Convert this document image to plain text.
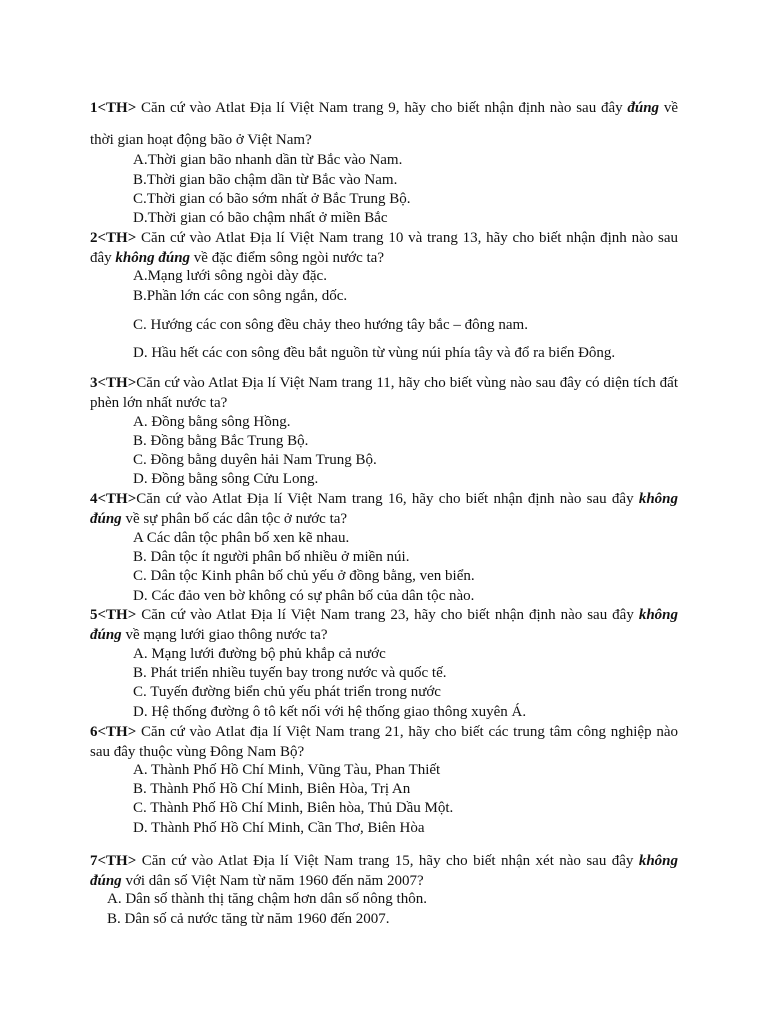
1<TH> Căn cứ vào Atlat Địa lí Việt Nam trang 9, hãy cho biết nhận định nào sau đây đúng về thời gian hoạt động bão ở Việt Nam?

A.Thời gian bão nhanh dần từ Bắc vào Nam.
B.Thời gian bão chậm dần từ Bắc vào Nam.
C.Thời gian có bão sớm nhất ở Bắc Trung Bộ.
D.Thời gian có bão chậm nhất ở miền Bắc

2<TH> Căn cứ vào Atlat Địa lí Việt Nam trang 10 và trang 13, hãy cho biết nhận định nào sau đây không đúng về đặc điểm sông ngòi nước ta?

A.Mạng lưới sông ngòi dày đặc.
B.Phần lớn các con sông ngắn, dốc.
C. Hướng các con sông đều chảy theo hướng tây bắc – đông nam.
D. Hầu hết các con sông đều bắt nguồn từ vùng núi phía tây và đổ ra biển Đông.

3<TH>Căn cứ vào Atlat Địa lí Việt Nam trang 11, hãy cho biết vùng nào sau đây có diện tích đất phèn lớn nhất nước ta?

A. Đồng bằng sông Hồng.
B. Đồng bằng Bắc Trung Bộ.
C. Đồng bằng duyên hải Nam Trung Bộ.
D. Đồng bằng sông Cửu Long.

4<TH>Căn cứ vào Atlat Địa lí Việt Nam trang 16, hãy cho biết nhận định nào sau đây không đúng về sự phân bố các dân tộc ở nước ta?

A Các dân tộc phân bố xen kẽ nhau.
B. Dân tộc ít người phân bố nhiều ở miền núi.
C. Dân tộc Kinh phân bố chủ yếu ở đồng bằng, ven biển.
D. Các đảo ven bờ không có sự phân bố của dân tộc nào.

5<TH> Căn cứ vào Atlat Địa lí Việt Nam trang 23, hãy cho biết nhận định nào sau đây không đúng về mạng lưới giao thông nước ta?

A. Mạng lưới đường bộ phủ khắp cả nước
B. Phát triển nhiều tuyến bay trong nước và quốc tế.
C. Tuyến đường biển chủ yếu phát triển trong nước
D. Hệ thống đường ô tô kết nối với hệ thống giao thông xuyên Á.

6<TH> Căn cứ vào Atlat địa lí Việt Nam trang 21, hãy cho biết các trung tâm công nghiệp nào sau đây thuộc vùng Đông Nam Bộ?

A. Thành Phố Hồ Chí Minh, Vũng Tàu, Phan Thiết
B. Thành Phố Hồ Chí Minh, Biên Hòa, Trị An
C. Thành Phố Hồ Chí Minh, Biên hòa, Thủ Dầu Một.
D. Thành Phố Hồ Chí Minh, Cần Thơ, Biên Hòa

7<TH> Căn cứ vào Atlat Địa lí Việt Nam trang 15, hãy cho biết nhận xét nào sau đây không đúng với dân số Việt Nam từ năm 1960 đến năm 2007?

A. Dân số thành thị tăng chậm hơn dân số nông thôn.
B. Dân số cả nước tăng từ năm 1960 đến 2007.
